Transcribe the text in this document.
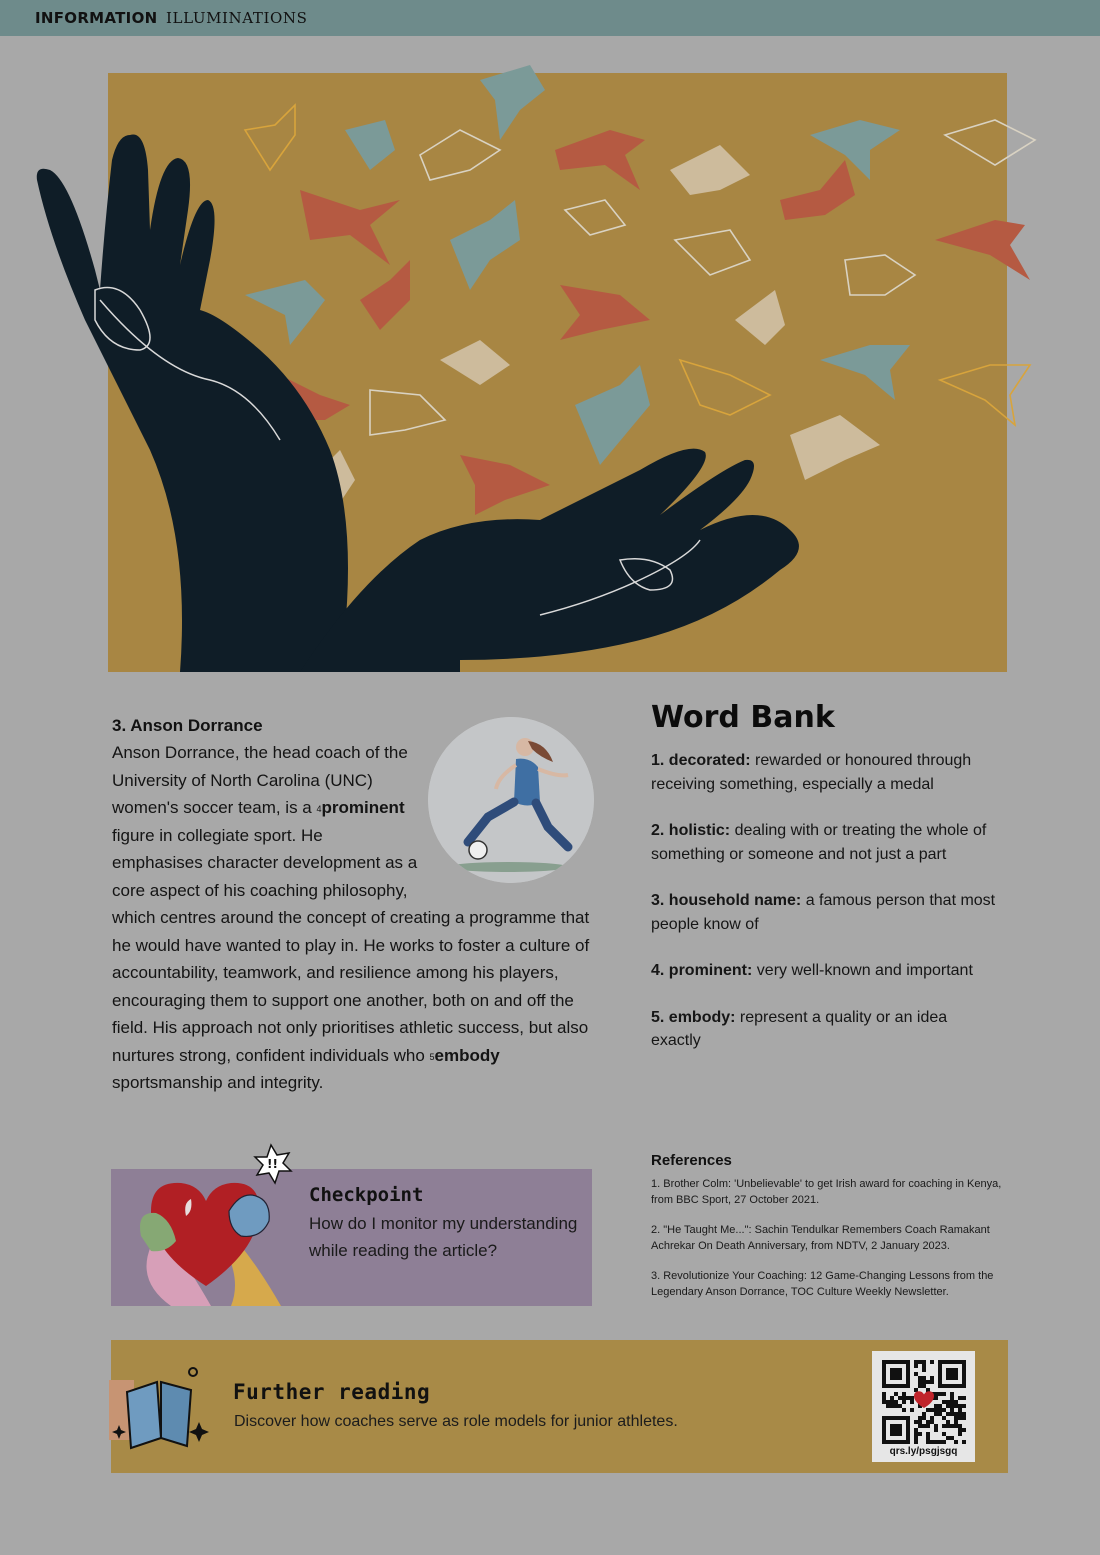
INFORMATION ILLUMINATIONS
3. Anson Dorrance
Anson Dorrance, the head coach of the University of North Carolina (UNC) women's soccer team, is a $^4$prominent figure in collegiate sport. He emphasises character development as a core aspect of his coaching philosophy, which centres around the concept of creating a programme that he would have wanted to play in. He works to foster a culture of accountability, teamwork, and resilience among his players, encouraging them to support one another, both on and off the field. His approach not only prioritises athletic success, but also nurtures strong, confident individuals who $^5$embody sportsmanship and integrity.
Word Bank
1. decorated: rewarded or honoured through receiving something, especially a medal
2. holistic: dealing with or treating the whole of something or someone and not just a part
3. household name: a famous person that most people know of
4. prominent: very well-known and important
5. embody: represent a quality or an idea exactly
References
1. Brother Colm: 'Unbelievable' to get Irish award for coaching in Kenya, from BBC Sport, 27 October 2021.
2. "He Taught Me...": Sachin Tendulkar Remembers Coach Ramakant Achrekar On Death Anniversary, from NDTV, 2 January 2023.
3. Revolutionize Your Coaching: 12 Game-Changing Lessons from the Legendary Anson Dorrance, TOC Culture Weekly Newsletter.
!!
Checkpoint
How do I monitor my understanding while reading the article?
Further reading
Discover how coaches serve as role models for junior athletes.
qrs.ly/psgjsgq
